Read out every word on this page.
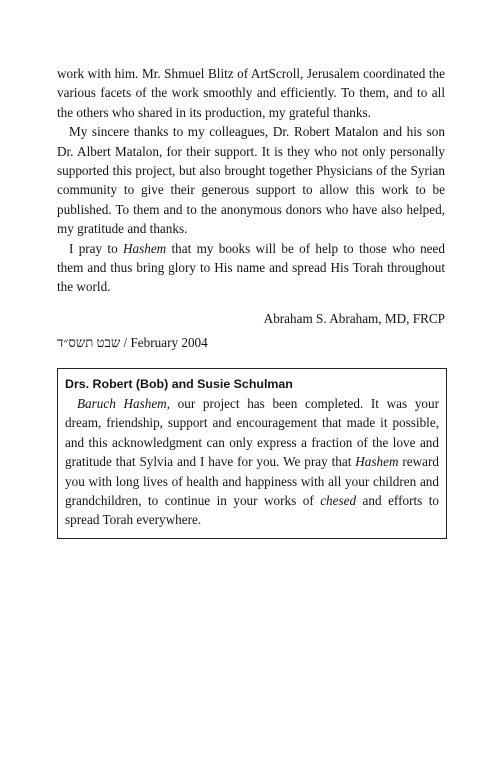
work with him. Mr. Shmuel Blitz of ArtScroll, Jerusalem coordinated the various facets of the work smoothly and efficiently. To them, and to all the others who shared in its production, my grateful thanks.

My sincere thanks to my colleagues, Dr. Robert Matalon and his son Dr. Albert Matalon, for their support. It is they who not only personally supported this project, but also brought together Physicians of the Syrian community to give their generous support to allow this work to be published. To them and to the anonymous donors who have also helped, my gratitude and thanks.

I pray to Hashem that my books will be of help to those who need them and thus bring glory to His name and spread His Torah throughout the world.

Abraham S. Abraham, MD, FRCP
שבט תשס״ד / February 2004

Drs. Robert (Bob) and Susie Schulman

Baruch Hashem, our project has been completed. It was your dream, friendship, support and encouragement that made it possible, and this acknowledgment can only express a fraction of the love and gratitude that Sylvia and I have for you. We pray that Hashem reward you with long lives of health and happiness with all your children and grandchildren, to continue in your works of chesed and efforts to spread Torah everywhere.
